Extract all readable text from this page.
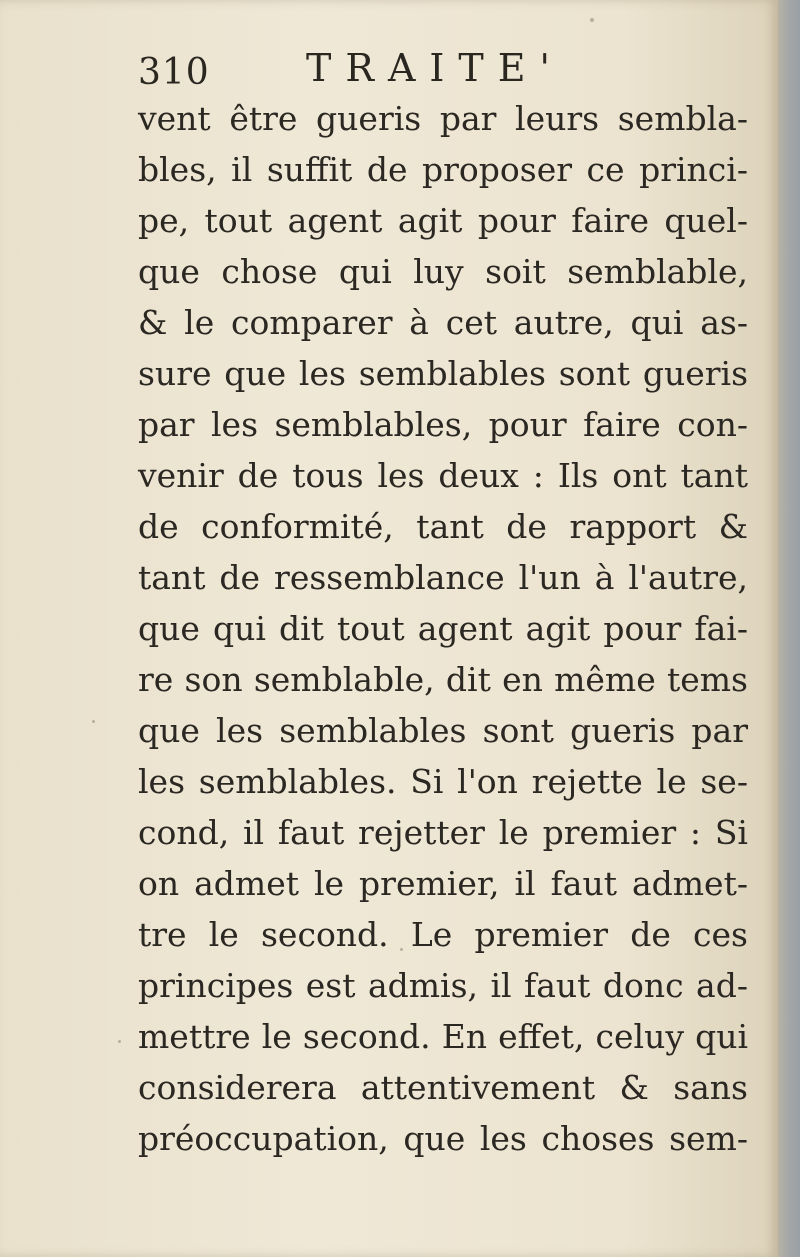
310	TRAITE'
vent être gueris par leurs sembla-
bles, il suffit de proposer ce princi-
pe, tout agent agit pour faire quel-
que chose qui luy soit semblable,
& le comparer à cet autre, qui as-
sure que les semblables sont gueris
par les semblables, pour faire con-
venir de tous les deux : Ils ont tant
de conformité, tant de rapport &
tant de ressemblance l'un à l'autre,
que qui dit tout agent agit pour fai-
re son semblable, dit en même tems
que les semblables sont gueris par
les semblables. Si l'on rejette le se-
cond, il faut rejetter le premier : Si
on admet le premier, il faut admet-
tre le second. Le premier de ces
principes est admis, il faut donc ad-
mettre le second. En effet, celuy qui
considerera attentivement & sans
préoccupation, que les choses sem-
